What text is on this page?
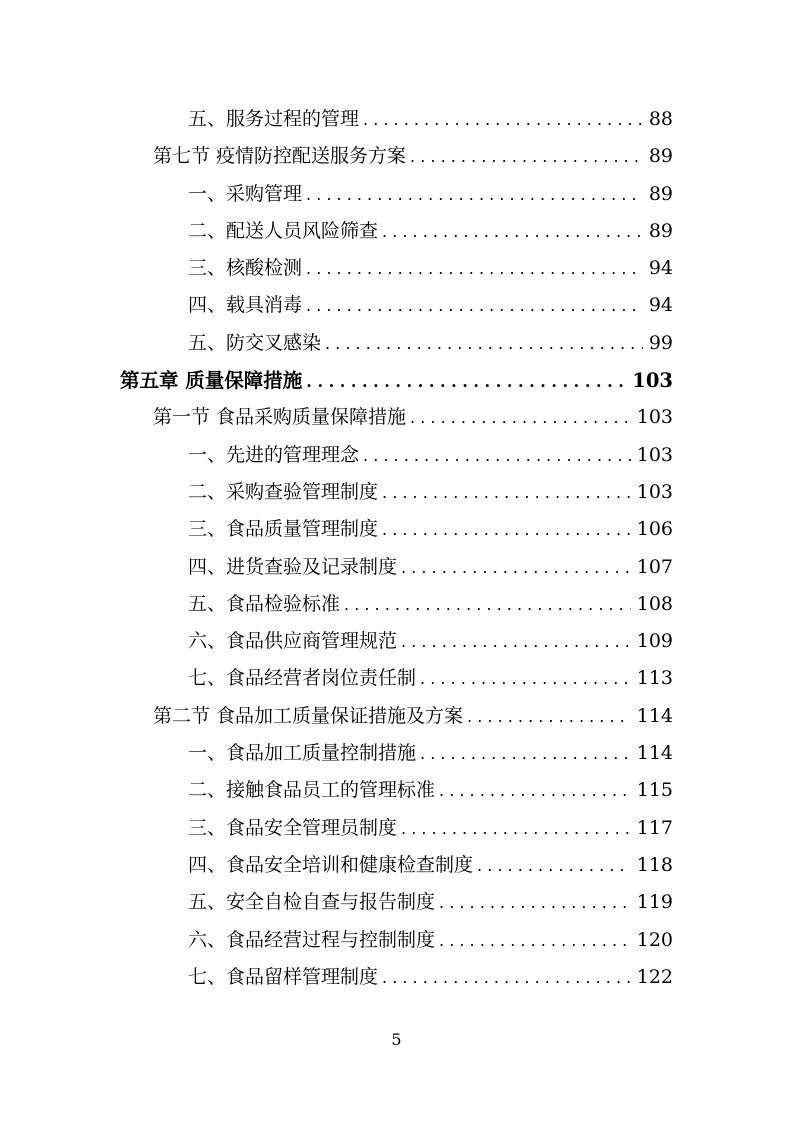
五、服务过程的管理 . . .	88
第七节 疫情防控配送服务方案 . . .	89
一、采购管理 . . .	89
二、配送人员风险筛查 . . .	89
三、核酸检测 . . .	94
四、载具消毒 . . .	94
五、防交叉感染 . . .	99
第五章 质量保障措施 . . .	103
第一节 食品采购质量保障措施 . . .	103
一、先进的管理理念 . . .	103
二、采购查验管理制度 . . .	103
三、食品质量管理制度 . . .	106
四、进货查验及记录制度 . . .	107
五、食品检验标准 . . .	108
六、食品供应商管理规范 . . .	109
七、食品经营者岗位责任制 . . .	113
第二节 食品加工质量保证措施及方案 . . .	114
一、食品加工质量控制措施 . . .	114
二、接触食品员工的管理标准 . . .	115
三、食品安全管理员制度 . . .	117
四、食品安全培训和健康检查制度 . . .	118
五、安全自检自查与报告制度 . . .	119
六、食品经营过程与控制制度 . . .	120
七、食品留样管理制度 . . .	122
5
